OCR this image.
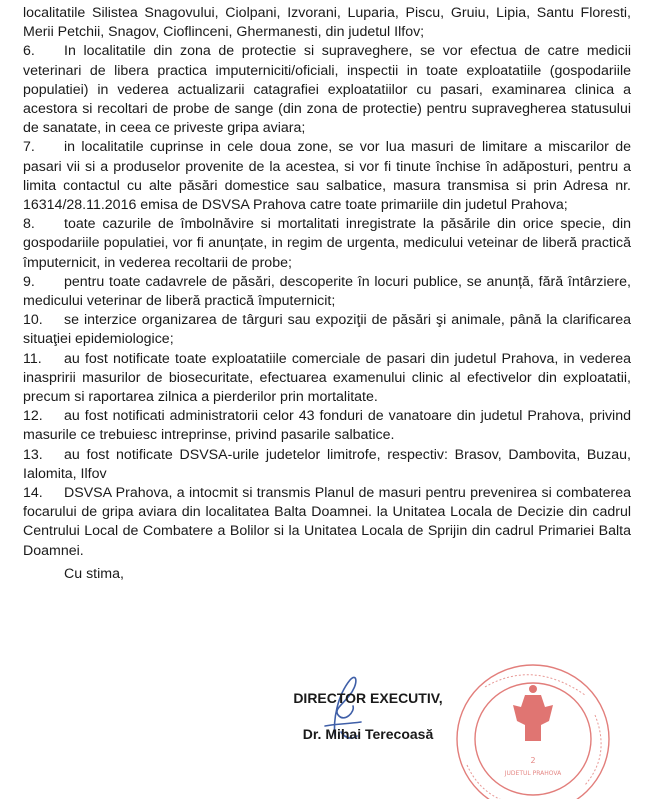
localitatile Silistea Snagovului, Ciolpani, Izvorani, Luparia, Piscu, Gruiu, Lipia, Santu Floresti, Merii Petchii, Snagov, Cioflinceni, Ghermanesti, din judetul Ilfov;

6. In localitatile din zona de protectie si supraveghere, se vor efectua de catre medicii veterinari de libera practica imputerniciti/oficiali, inspectii in toate exploatatiile (gospodariile populatiei) in vederea actualizarii catagrafiei exploatatiilor cu pasari, examinarea clinica a acestora si recoltari de probe de sange (din zona de protectie) pentru supravegherea statusului de sanatate, in ceea ce priveste gripa aviara;

7. in localitatile cuprinse in cele doua zone, se vor lua masuri de limitare a miscarilor de pasari vii si a produselor provenite de la acestea, si vor fi tinute închise în adăposturi, pentru a limita contactul cu alte păsări domestice sau salbatice, masura transmisa si prin Adresa nr. 16314/28.11.2016 emisa de DSVSA Prahova catre toate primariile din judetul Prahova;

8. toate cazurile de îmbolnăvire si mortalitati inregistrate la păsările din orice specie, din gospodariile populatiei, vor fi anunțate, in regim de urgenta, medicului veteinar de liberă practică împuternicit, in vederea recoltarii de probe;

9. pentru toate cadavrele de păsări, descoperite în locuri publice, se anunță, fără întârziere, medicului veterinar de liberă practică împuternicit;

10. se interzice organizarea de târguri sau expoziţii de păsări şi animale, până la clarificarea situaţiei epidemiologice;

11. au fost notificate toate exploatatiile comerciale de pasari din judetul Prahova, in vederea inaspririi masurilor de biosecuritate, efectuarea examenului clinic al efectivelor din exploatatii, precum si raportarea zilnica a pierderilor prin mortalitate.

12. au fost notificati administratorii celor 43 fonduri de vanatoare din judetul Prahova, privind masurile ce trebuiesc intreprinse, privind pasarile salbatice.

13. au fost notificate DSVSA-urile judetelor limitrofe, respectiv: Brasov, Dambovita, Buzau, Ialomita, Ilfov

14. DSVSA Prahova, a intocmit si transmis Planul de masuri pentru prevenirea si combaterea focarului de gripa aviara din localitatea Balta Doamnei. la Unitatea Locala de Decizie din cadrul Centrului Local de Combatere a Bolilor si la Unitatea Locala de Sprijin din cadrul Primariei Balta Doamnei.

Cu stima,

2
JUDETUL PRAHOVA
DIRECTOR EXECUTIV,
Dr. Mihai Terecoasă
